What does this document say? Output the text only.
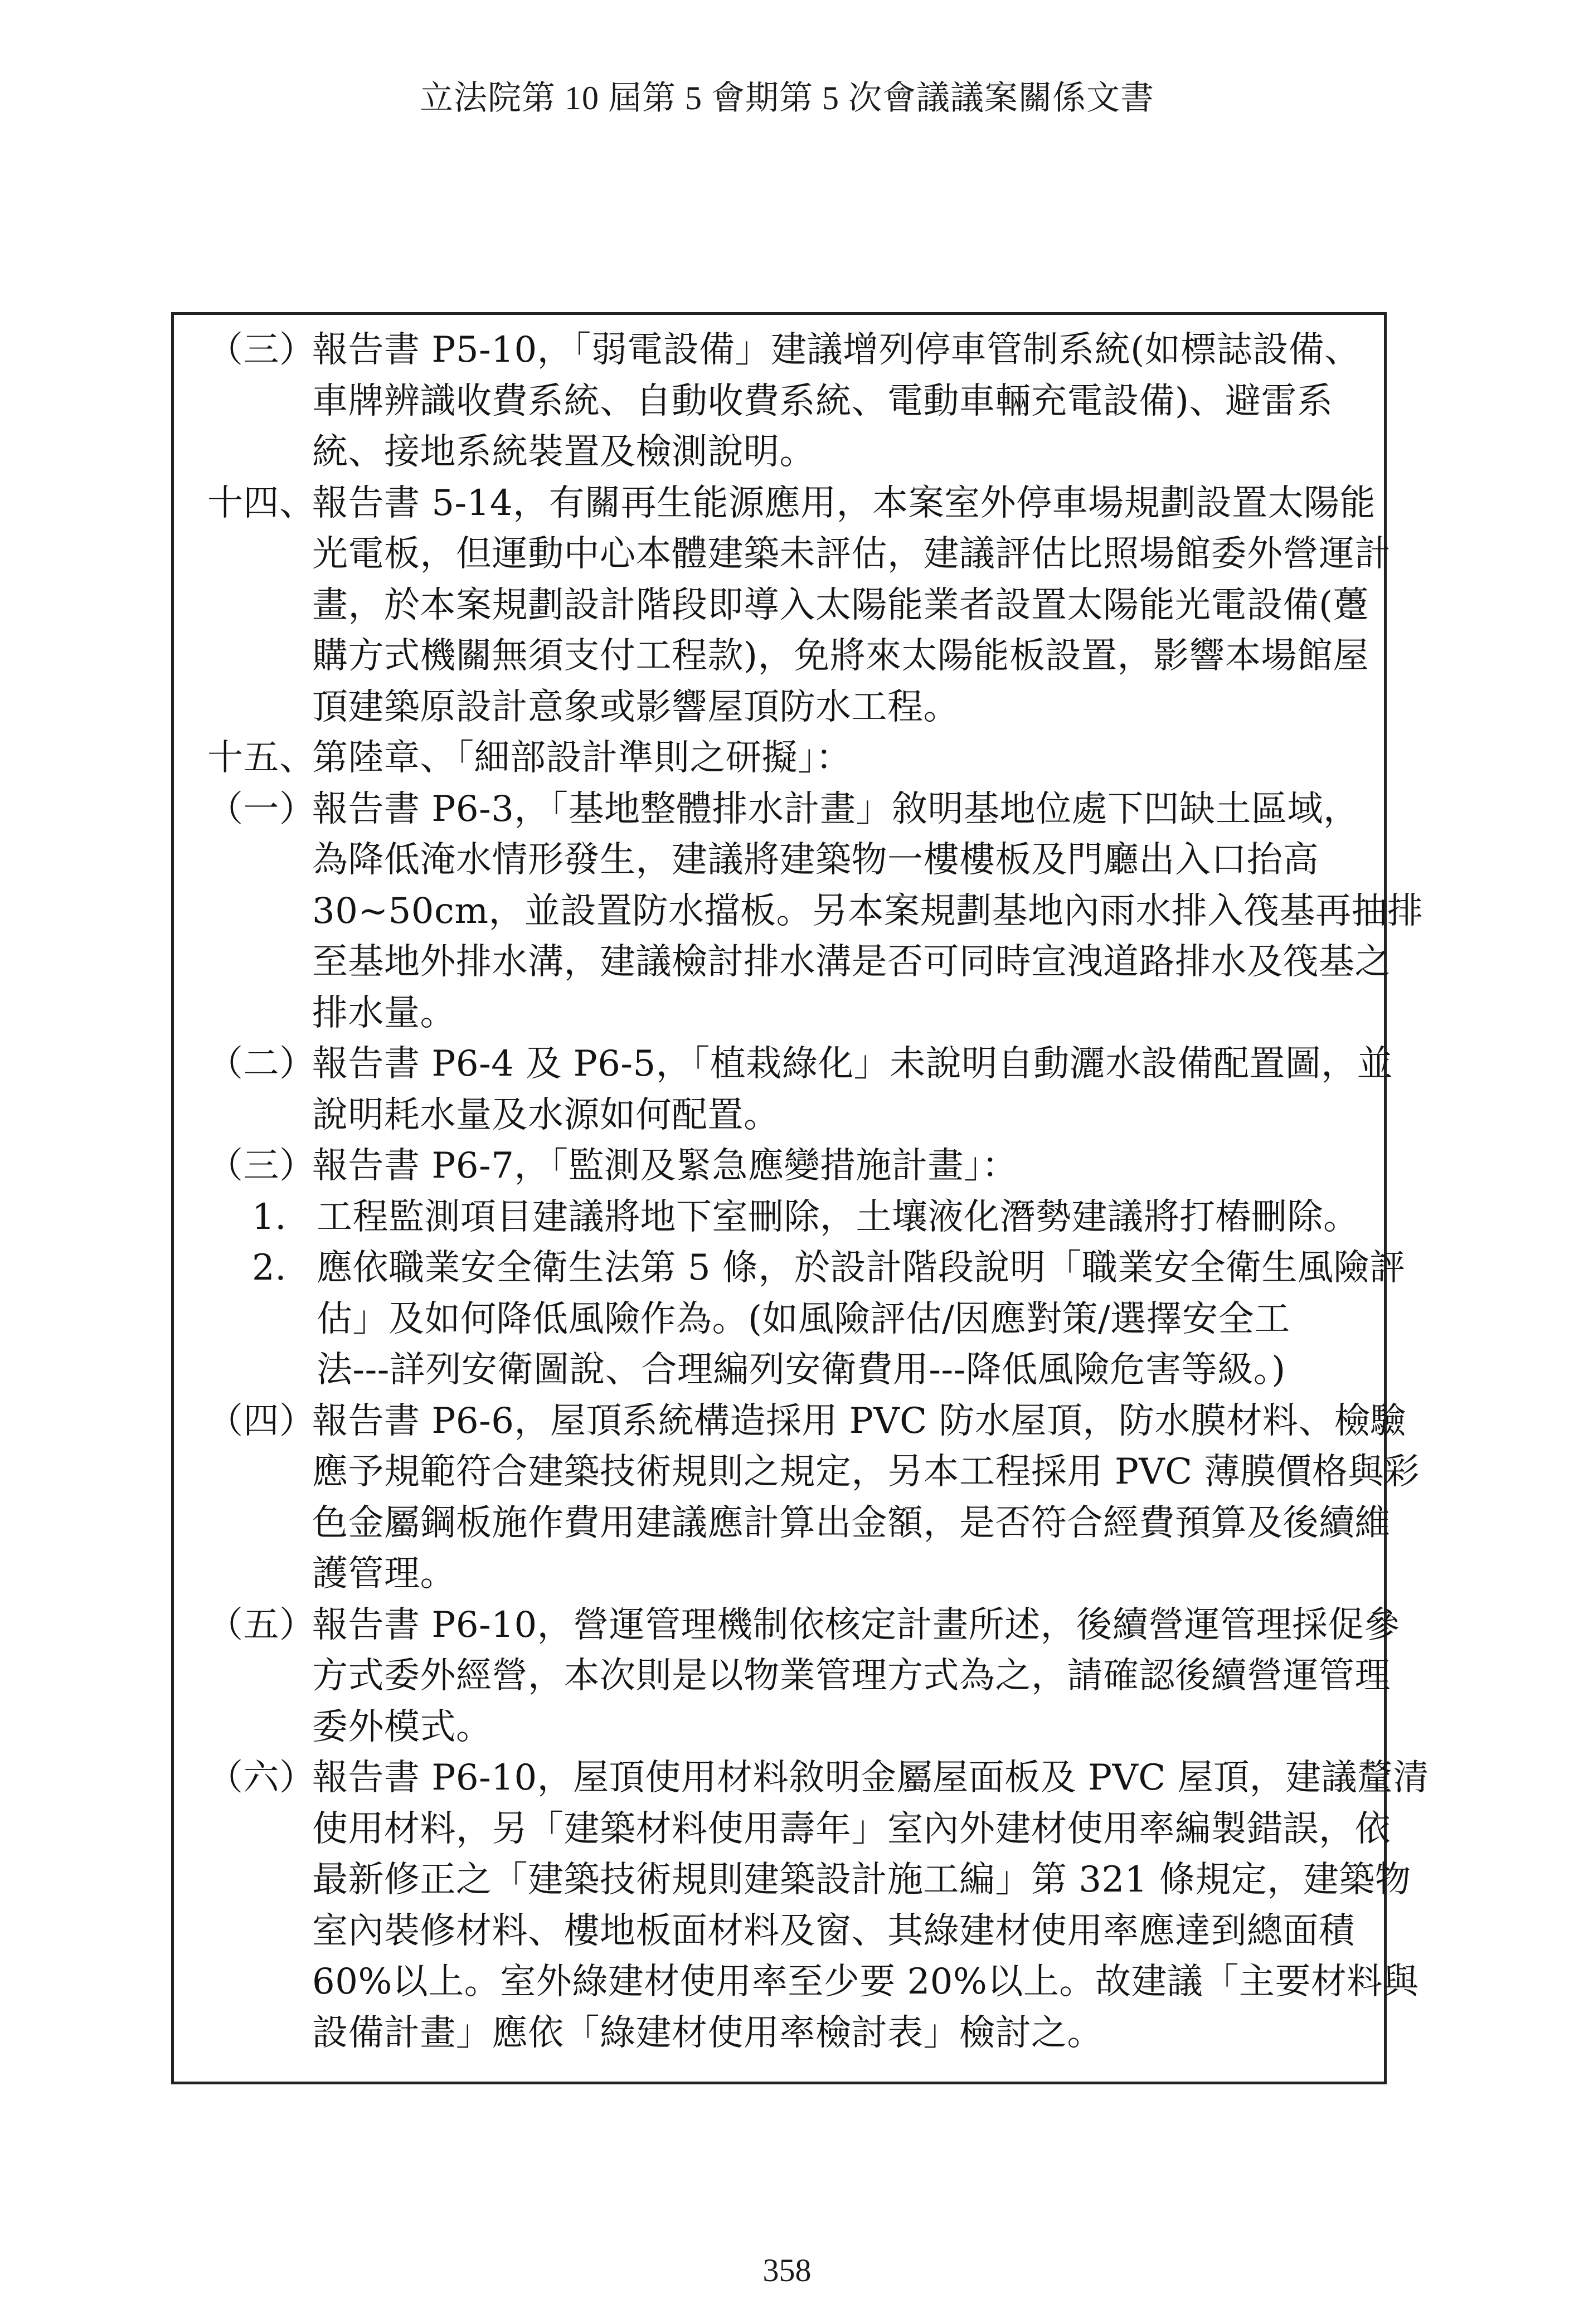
立法院第 10 屆第 5 會期第 5 次會議議案關係文書
（三）
報告書 P5-10，「弱電設備」建議增列停車管制系統(如標誌設備、
車牌辨識收費系統、自動收費系統、電動車輛充電設備)、避雷系
統、接地系統裝置及檢測說明。
十四、
報告書 5-14，有關再生能源應用，本案室外停車場規劃設置太陽能
光電板，但運動中心本體建築未評估，建議評估比照場館委外營運計
畫，於本案規劃設計階段即導入太陽能業者設置太陽能光電設備(躉
購方式機關無須支付工程款)，免將來太陽能板設置，影響本場館屋
頂建築原設計意象或影響屋頂防水工程。
十五、
第陸章、「細部設計準則之研擬」：
（一）
報告書 P6-3，「基地整體排水計畫」敘明基地位處下凹缺土區域，
為降低淹水情形發生，建議將建築物一樓樓板及門廳出入口抬高
30~50cm，並設置防水擋板。另本案規劃基地內雨水排入筏基再抽排
至基地外排水溝，建議檢討排水溝是否可同時宣洩道路排水及筏基之
排水量。
（二）
報告書 P6-4 及 P6-5，「植栽綠化」未說明自動灑水設備配置圖，並
說明耗水量及水源如何配置。
（三）
報告書 P6-7，「監測及緊急應變措施計畫」：
1. 工程監測項目建議將地下室刪除，土壤液化潛勢建議將打樁刪除。
2. 應依職業安全衛生法第 5 條，於設計階段說明「職業安全衛生風險評
估」及如何降低風險作為。(如風險評估/因應對策/選擇安全工
法---詳列安衛圖說、合理編列安衛費用---降低風險危害等級。)
（四）
報告書 P6-6，屋頂系統構造採用 PVC 防水屋頂，防水膜材料、檢驗
應予規範符合建築技術規則之規定，另本工程採用 PVC 薄膜價格與彩
色金屬鋼板施作費用建議應計算出金額，是否符合經費預算及後續維
護管理。
（五）
報告書 P6-10，營運管理機制依核定計畫所述，後續營運管理採促參
方式委外經營，本次則是以物業管理方式為之，請確認後續營運管理
委外模式。
（六）
報告書 P6-10，屋頂使用材料敘明金屬屋面板及 PVC 屋頂，建議釐清
使用材料，另「建築材料使用壽年」室內外建材使用率編製錯誤，依
最新修正之「建築技術規則建築設計施工編」第 321 條規定，建築物
室內裝修材料、樓地板面材料及窗、其綠建材使用率應達到總面積
60%以上。室外綠建材使用率至少要 20%以上。故建議「主要材料與
設備計畫」應依「綠建材使用率檢討表」檢討之。
358
